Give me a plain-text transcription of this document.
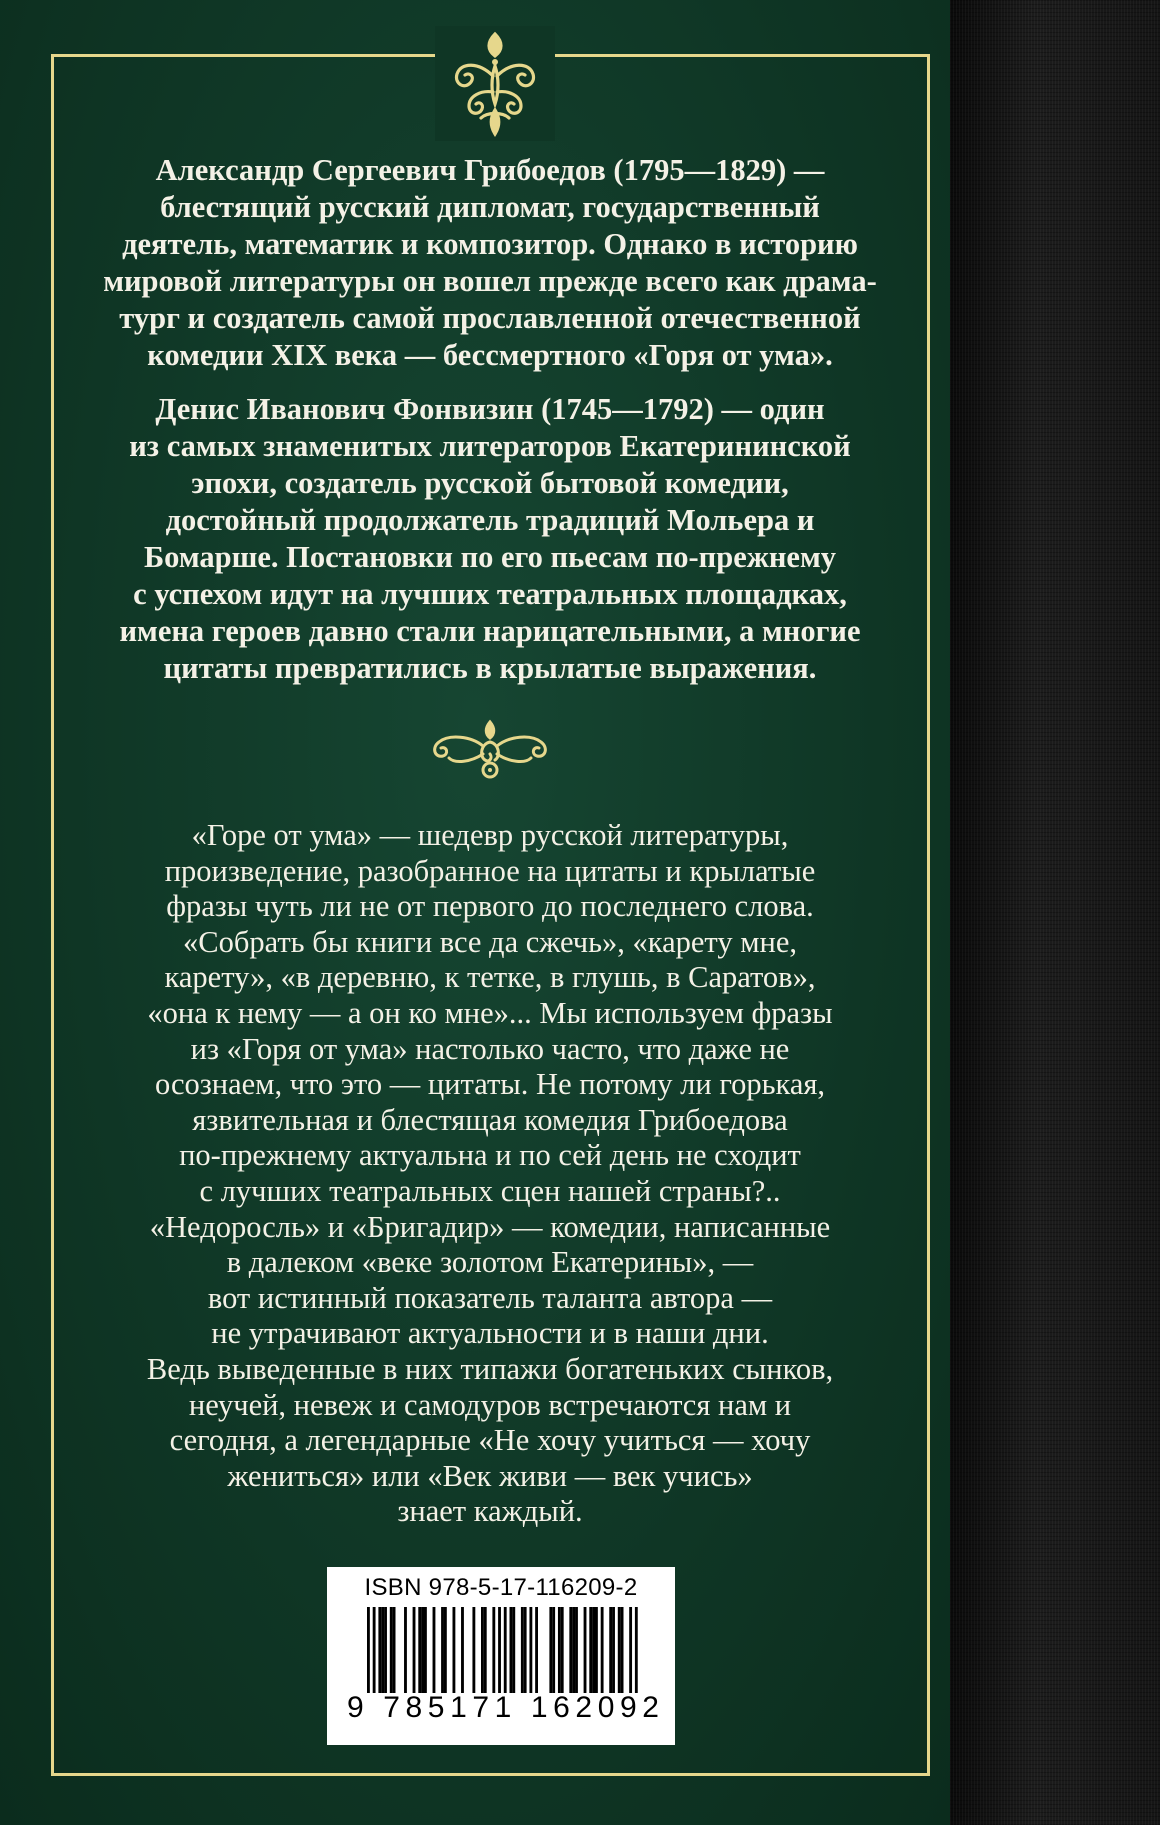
Александр Сергеевич Грибоедов (1795—1829) —
блестящий русский дипломат, государственный
деятель, математик и композитор. Однако в историю
мировой литературы он вошел прежде всего как драма-
тург и создатель самой прославленной отечественной
комедии XIX века — бессмертного «Горя от ума».

Денис Иванович Фонвизин (1745—1792) — один
из самых знаменитых литераторов Екатерининской
эпохи, создатель русской бытовой комедии,
достойный продолжатель традиций Мольера и
Бомарше. Постановки по его пьесам по-прежнему
с успехом идут на лучших театральных площадках,
имена героев давно стали нарицательными, а многие
цитаты превратились в крылатые выражения.

«Горе от ума» — шедевр русской литературы,
произведение, разобранное на цитаты и крылатые
фразы чуть ли не от первого до последнего слова.
«Собрать бы книги все да сжечь», «карету мне,
карету», «в деревню, к тетке, в глушь, в Саратов»,
«она к нему — а он ко мне»... Мы используем фразы
из «Горя от ума» настолько часто, что даже не
осознаем, что это — цитаты. Не потому ли горькая,
язвительная и блестящая комедия Грибоедова
по-прежнему актуальна и по сей день не сходит
с лучших театральных сцен нашей страны?..
«Недоросль» и «Бригадир» — комедии, написанные
в далеком «веке золотом Екатерины», —
вот истинный показатель таланта автора —
не утрачивают актуальности и в наши дни.
Ведь выведенные в них типажи богатеньких сынков,
неучей, невеж и самодуров встречаются нам и
сегодня, а легендарные «Не хочу учиться — хочу
жениться» или «Век живи — век учись»
знает каждый.

ISBN 978-5-17-116209-2
9 785171 162092
